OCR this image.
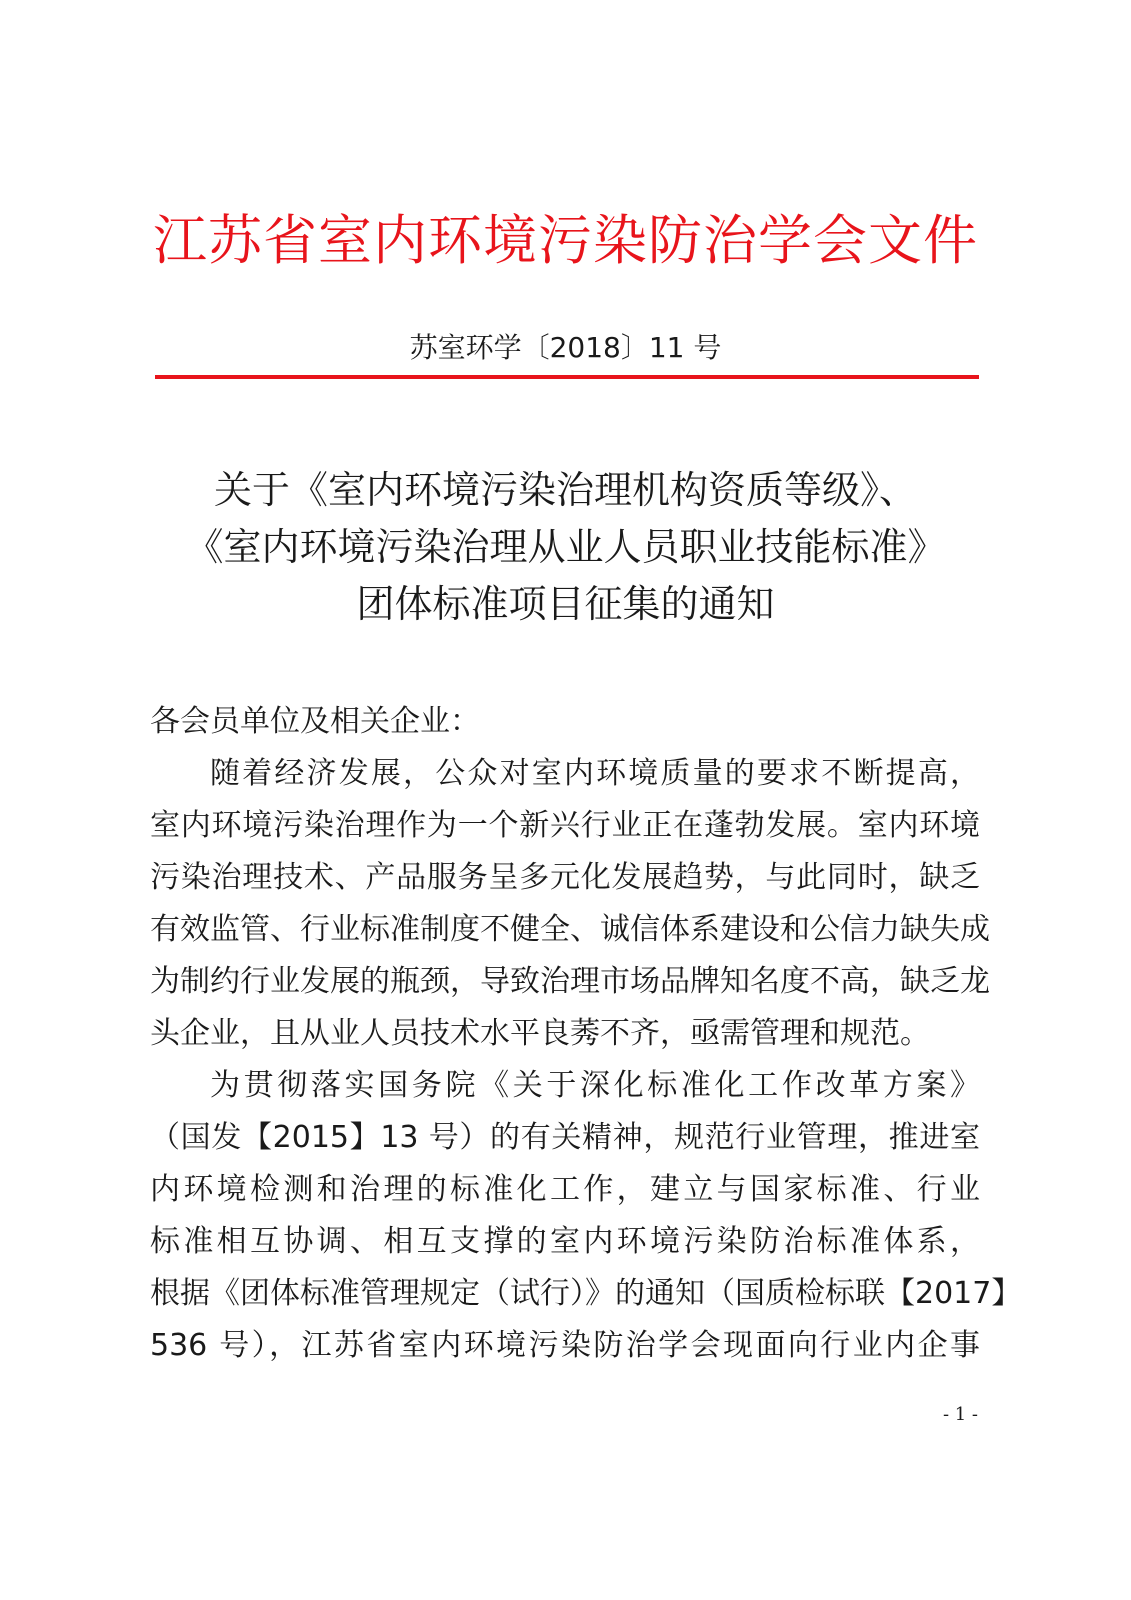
江苏省室内环境污染防治学会文件
苏室环学〔2018〕11 号
关于《室内环境污染治理机构资质等级》、
《室内环境污染治理从业人员职业技能标准》
团体标准项目征集的通知
各会员单位及相关企业：
随着经济发展，公众对室内环境质量的要求不断提高，
室内环境污染治理作为一个新兴行业正在蓬勃发展。室内环境
污染治理技术、产品服务呈多元化发展趋势，与此同时，缺乏
有效监管、行业标准制度不健全、诚信体系建设和公信力缺失成
为制约行业发展的瓶颈，导致治理市场品牌知名度不高，缺乏龙
头企业，且从业人员技术水平良莠不齐，亟需管理和规范。
为贯彻落实国务院《关于深化标准化工作改革方案》
（国发【2015】13 号）的有关精神，规范行业管理，推进室
内环境检测和治理的标准化工作，建立与国家标准、行业
标准相互协调、相互支撑的室内环境污染防治标准体系，
根据《团体标准管理规定（试行）》的通知（国质检标联【2017】
536 号），江苏省室内环境污染防治学会现面向行业内企事
- 1 -
